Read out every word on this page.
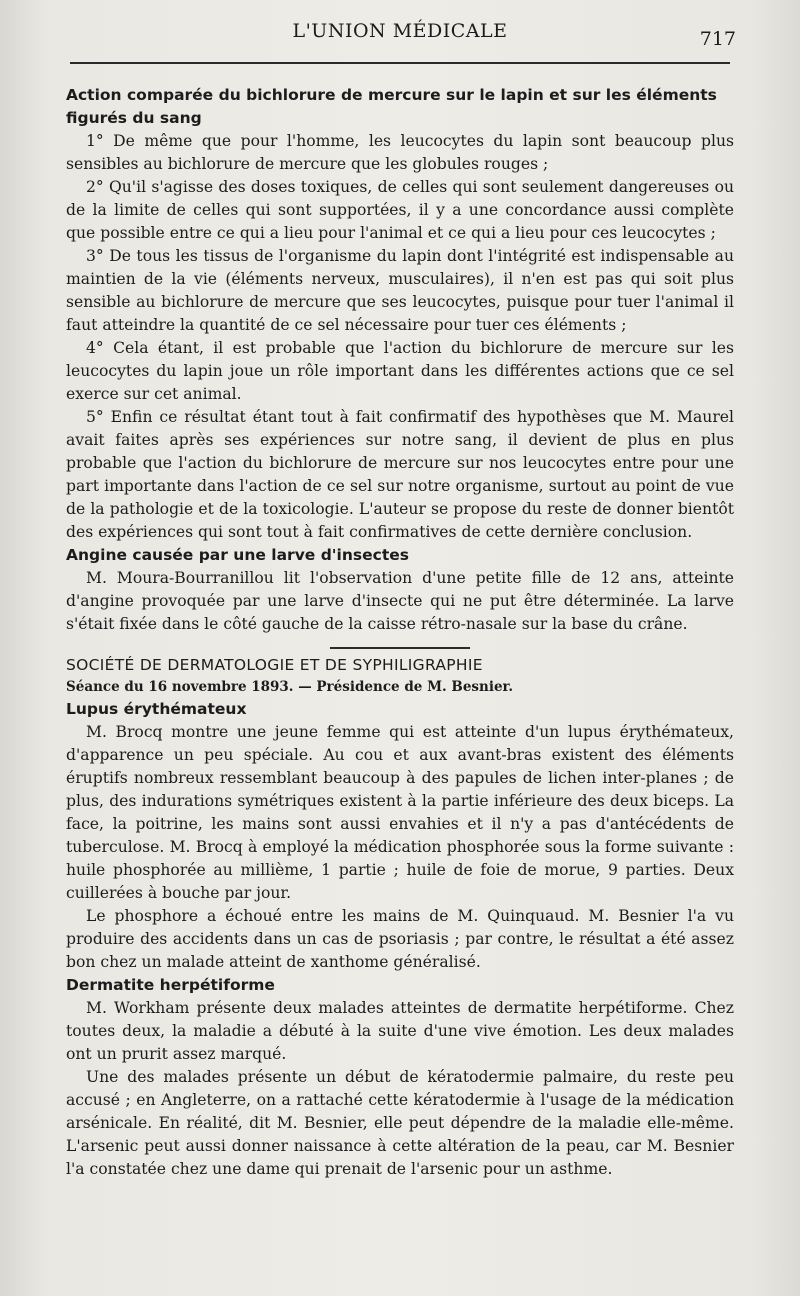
L'UNION MÉDICALE	717

Action comparée du bichlorure de mercure sur le lapin et sur les éléments

figurés du sang

1° De même que pour l'homme, les leucocytes du lapin sont beaucoup plus sensibles au bichlorure de mercure que les globules rouges ;

2° Qu'il s'agisse des doses toxiques, de celles qui sont seulement dangereuses ou de la limite de celles qui sont supportées, il y a une concordance aussi complète que possible entre ce qui a lieu pour l'animal et ce qui a lieu pour ces leucocytes ;

3° De tous les tissus de l'organisme du lapin dont l'intégrité est indispensable au maintien de la vie (éléments nerveux, musculaires), il n'en est pas qui soit plus sensible au bichlorure de mercure que ses leucocytes, puisque pour tuer l'animal il faut atteindre la quantité de ce sel nécessaire pour tuer ces éléments ;

4° Cela étant, il est probable que l'action du bichlorure de mercure sur les leucocytes du lapin joue un rôle important dans les différentes actions que ce sel exerce sur cet animal.

5° Enfin ce résultat étant tout à fait confirmatif des hypothèses que M. Maurel avait faites après ses expériences sur notre sang, il devient de plus en plus probable que l'action du bichlorure de mercure sur nos leucocytes entre pour une part importante dans l'action de ce sel sur notre organisme, surtout au point de vue de la pathologie et de la toxicologie. L'auteur se propose du reste de donner bientôt des expériences qui sont tout à fait confirmatives de cette dernière conclusion.

Angine causée par une larve d'insectes

M. Moura-Bourranillou lit l'observation d'une petite fille de 12 ans, atteinte d'angine provoquée par une larve d'insecte qui ne put être déterminée. La larve s'était fixée dans le côté gauche de la caisse rétro-nasale sur la base du crâne.

SOCIÉTÉ DE DERMATOLOGIE ET DE SYPHILIGRAPHIE

Séance du 16 novembre 1893. — Présidence de M. Besnier.

Lupus érythémateux

M. Brocq montre une jeune femme qui est atteinte d'un lupus érythémateux, d'apparence un peu spéciale. Au cou et aux avant-bras existent des éléments éruptifs nombreux ressemblant beaucoup à des papules de lichen inter-planes ; de plus, des indurations symétriques existent à la partie inférieure des deux biceps. La face, la poitrine, les mains sont aussi envahies et il n'y a pas d'antécédents de tuberculose. M. Brocq à employé la médication phosphorée sous la forme suivante : huile phosphorée au millième, 1 partie ; huile de foie de morue, 9 parties. Deux cuillerées à bouche par jour.

Le phosphore a échoué entre les mains de M. Quinquaud. M. Besnier l'a vu produire des accidents dans un cas de psoriasis ; par contre, le résultat a été assez bon chez un malade atteint de xanthome généralisé.

Dermatite herpétiforme

M. Workham présente deux malades atteintes de dermatite herpétiforme. Chez toutes deux, la maladie a débuté à la suite d'une vive émotion. Les deux malades ont un prurit assez marqué.

Une des malades présente un début de kératodermie palmaire, du reste peu accusé ; en Angleterre, on a rattaché cette kératodermie à l'usage de la médication arsénicale. En réalité, dit M. Besnier, elle peut dépendre de la maladie elle-même. L'arsenic peut aussi donner naissance à cette altération de la peau, car M. Besnier l'a constatée chez une dame qui prenait de l'arsenic pour un asthme.
